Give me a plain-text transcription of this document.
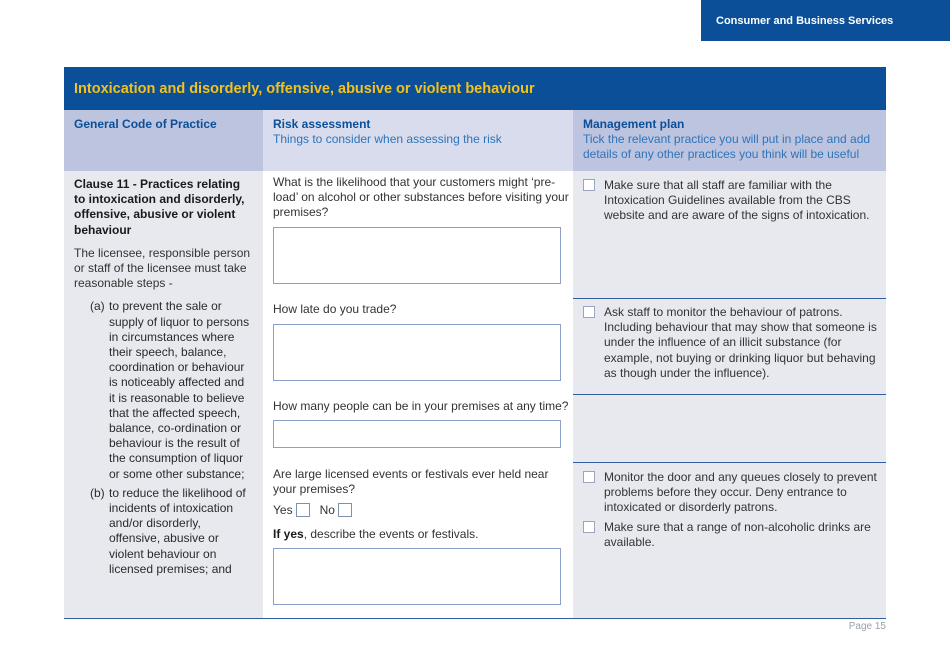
Consumer and Business Services
Intoxication and disorderly, offensive, abusive or violent behaviour
General Code of Practice	Risk assessment
Things to consider when assessing the risk
Management plan
Tick the relevant practice you will put in place and add details of any other practices you think will be useful
Clause 11 - Practices relating to intoxication and disorderly, offensive, abusive or violent behaviour
The licensee, responsible person or staff of the licensee must take reasonable steps -
(a) to prevent the sale or supply of liquor to persons in circumstances where their speech, balance, coordination or behaviour is noticeably affected and it is reasonable to believe that the affected speech, balance, co-ordination or behaviour is the result of the consumption of liquor or some other substance;
(b) to reduce the likelihood of incidents of intoxication and/or disorderly, offensive, abusive or violent behaviour on licensed premises; and
What is the likelihood that your customers might ‘pre-load’ on alcohol or other substances before visiting your premises?
How late do you trade?
How many people can be in your premises at any time?
Are large licensed events or festivals ever held near your premises?
Yes No
If yes, describe the events or festivals.
Make sure that all staff are familiar with the Intoxication Guidelines available from the CBS website and are aware of the signs of intoxication.
Ask staff to monitor the behaviour of patrons. Including behaviour that may show that someone is under the influence of an illicit substance (for example, not buying or drinking liquor but behaving as though under the influence).
Monitor the door and any queues closely to prevent problems before they occur. Deny entrance to intoxicated or disorderly patrons.
Make sure that a range of non-alcoholic drinks are available.
Page 15
